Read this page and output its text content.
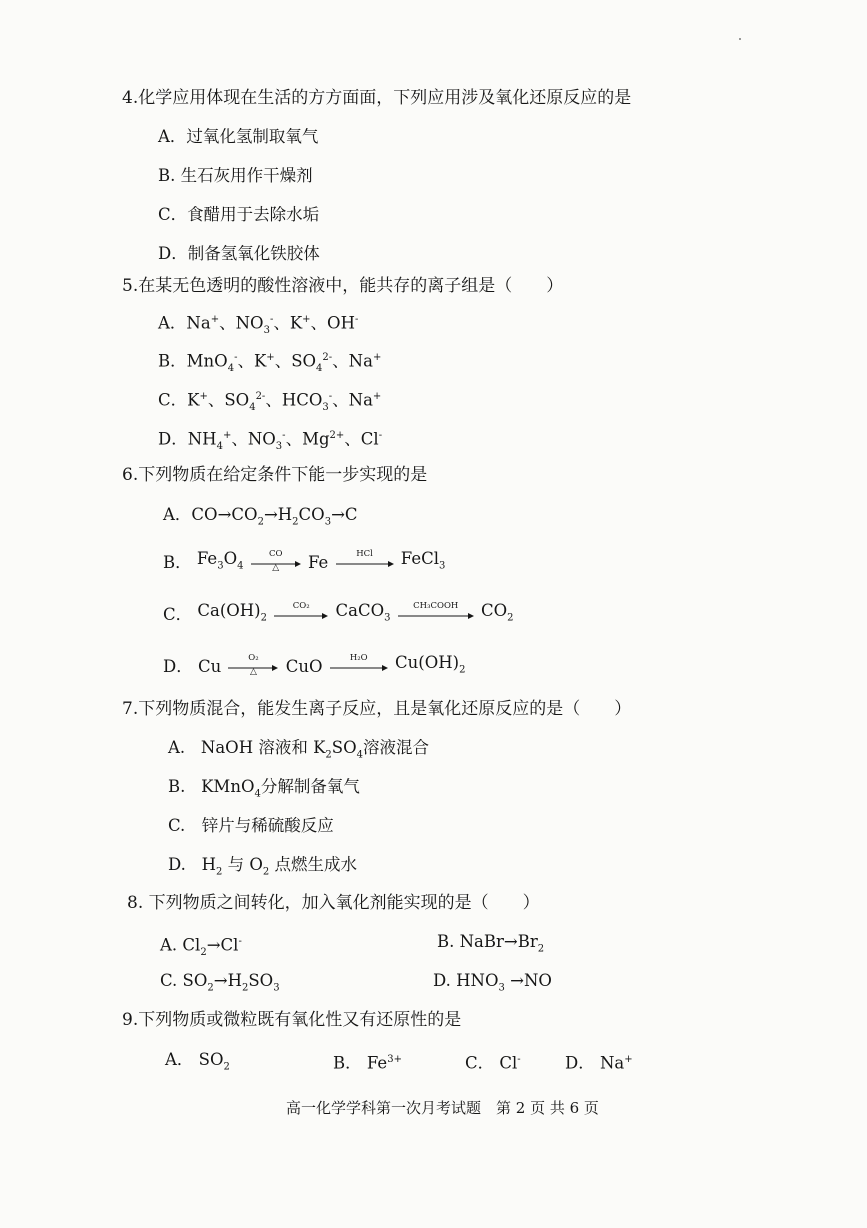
4.化学应用体现在生活的方方面面，下列应用涉及氧化还原反应的是
A．过氧化氢制取氧气
B. 生石灰用作干燥剂
C．食醋用于去除水垢
D．制备氢氧化铁胶体
5.在某无色透明的酸性溶液中，能共存的离子组是（　　）
A．Na+、$NO_3^-$、K+、OH-
B．MnO$_4$-、K+、$SO_4^{2-}$、Na+
C．K+、$SO_4^{2-}$、$HCO_3^-$、Na+
D．$NH_4^+$、$NO_3^-$、$Mg^{2+}$、Cl-
6.下列物质在给定条件下能一步实现的是
A．$CO\to CO_2\to H_2CO_3\to C$
B． $Fe_3O_4$
CO
△	Fe	HCl	FeCl$_3$
C． $Ca(OH)_2$
CO₂	CaCO$_3$
CH₃COOH	$CO_2$
D． Cu	O₂
△	CuO	H₂O	$Cu(OH)_2$
7.下列物质混合，能发生离子反应，且是氧化还原反应的是（　　）
A.   NaOH 溶液和 $K_2SO_4$溶液混合
B.   KMnO$_4$分解制备氧气
C.　锌片与稀硫酸反应
D.   $H_2$ 与 $O_2$ 点燃生成水
8. 下列物质之间转化，加入氧化剂能实现的是（　　）
A. $Cl_2\to Cl^-$	B. $NaBr\to Br_2$
C. $SO_2\to H_2SO_3$	D. $HNO_3 \to NO$
9.下列物质或微粒既有氧化性又有还原性的是
A． $SO_2$	B． $Fe^{3+}$	C． Cl-	D． Na+
高一化学学科第一次月考试题　第 2 页 共 6 页
